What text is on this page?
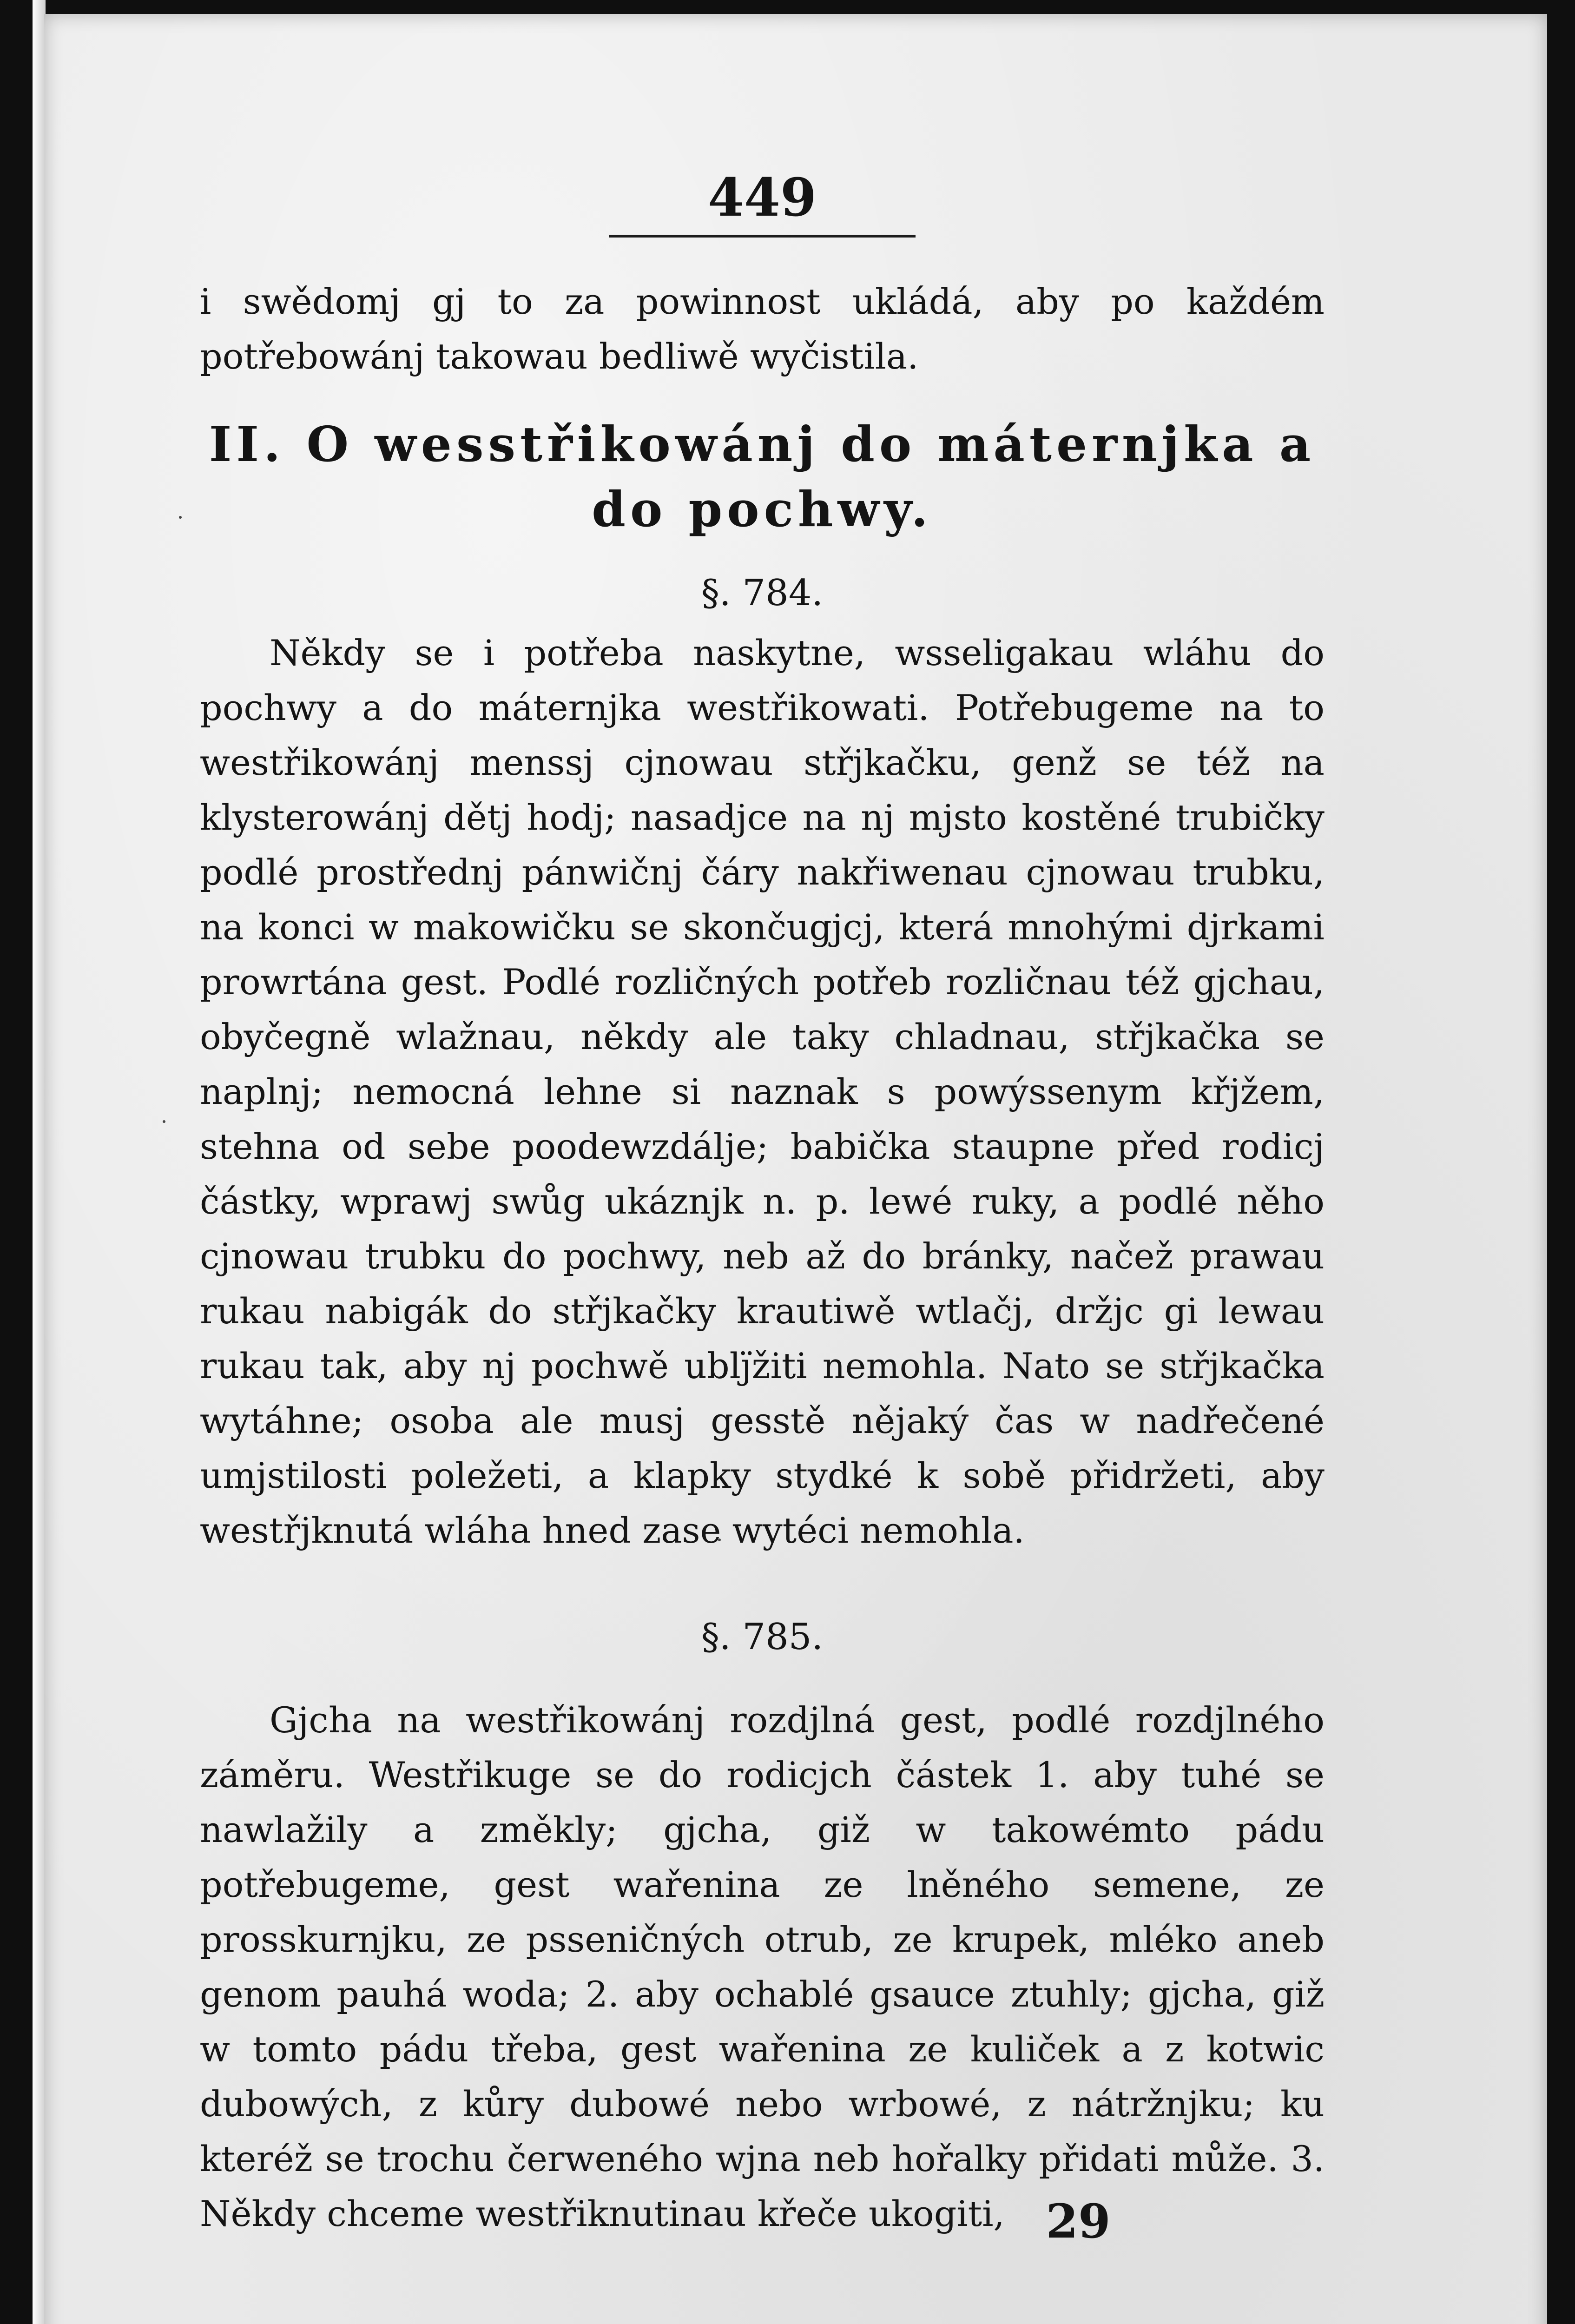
449

i swědomj gj to za powinnost ukládá, aby po každém potřebowánj takowau bedliwě wyčistila.

II. O wesstřikowánj do máternjka a do pochwy.
§. 784.

Někdy se i potřeba naskytne, wsseligakau wláhu do pochwy a do máternjka westřikowati. Potřebugeme na to westřikowánj menssj cjnowau střjkačku, genž se též na klysterowánj dětj hodj; nasadjce na nj mjsto kostěné trubičky podlé prostřednj pánwičnj čáry nakřiwenau cjnowau trubku, na konci w makowičku se skončugjcj, která mnohými djrkami prowrtána gest. Podlé rozličných potřeb rozličnau též gjchau, obyčegně wlažnau, někdy ale taky chladnau, střjkačka se naplnj; nemocná lehne si naznak s powýssenym křjžem, stehna od sebe poodewzdálje; babička staupne před rodicj částky, wprawj swůg ukáznjk n. p. lewé ruky, a podlé něho cjnowau trubku do pochwy, neb až do bránky, načež prawau rukau nabigák do střjkačky krautiwě wtlačj, držjc gi lewau rukau tak, aby nj pochwě ublj̈žiti nemohla. Nato se střjkačka wytáhne; osoba ale musj gesstě nějaký čas w nadřečené umjstilosti poležeti, a klapky stydké k sobě přidržeti, aby westřjknutá wláha hned zase wytéci nemohla.

§. 785.

Gjcha na westřikowánj rozdjlná gest, podlé rozdjlného záměru. Westřikuge se do rodicjch částek 1. aby tuhé se nawlažily a změkly; gjcha, giž w takowémto pádu potřebugeme, gest wařenina ze lněného semene, ze prosskurnjku, ze psseničných otrub, ze krupek, mléko aneb genom pauhá woda; 2. aby ochablé gsauce ztuhly; gjcha, giž w tomto pádu třeba, gest wařenina ze kuliček a z kotwic dubowých, z kůry dubowé nebo wrbowé, z nátržnjku; ku kteréž se trochu čerweného wjna neb hořalky přidati může. 3. Někdy chceme westřiknutinau křeče ukogiti, 29
